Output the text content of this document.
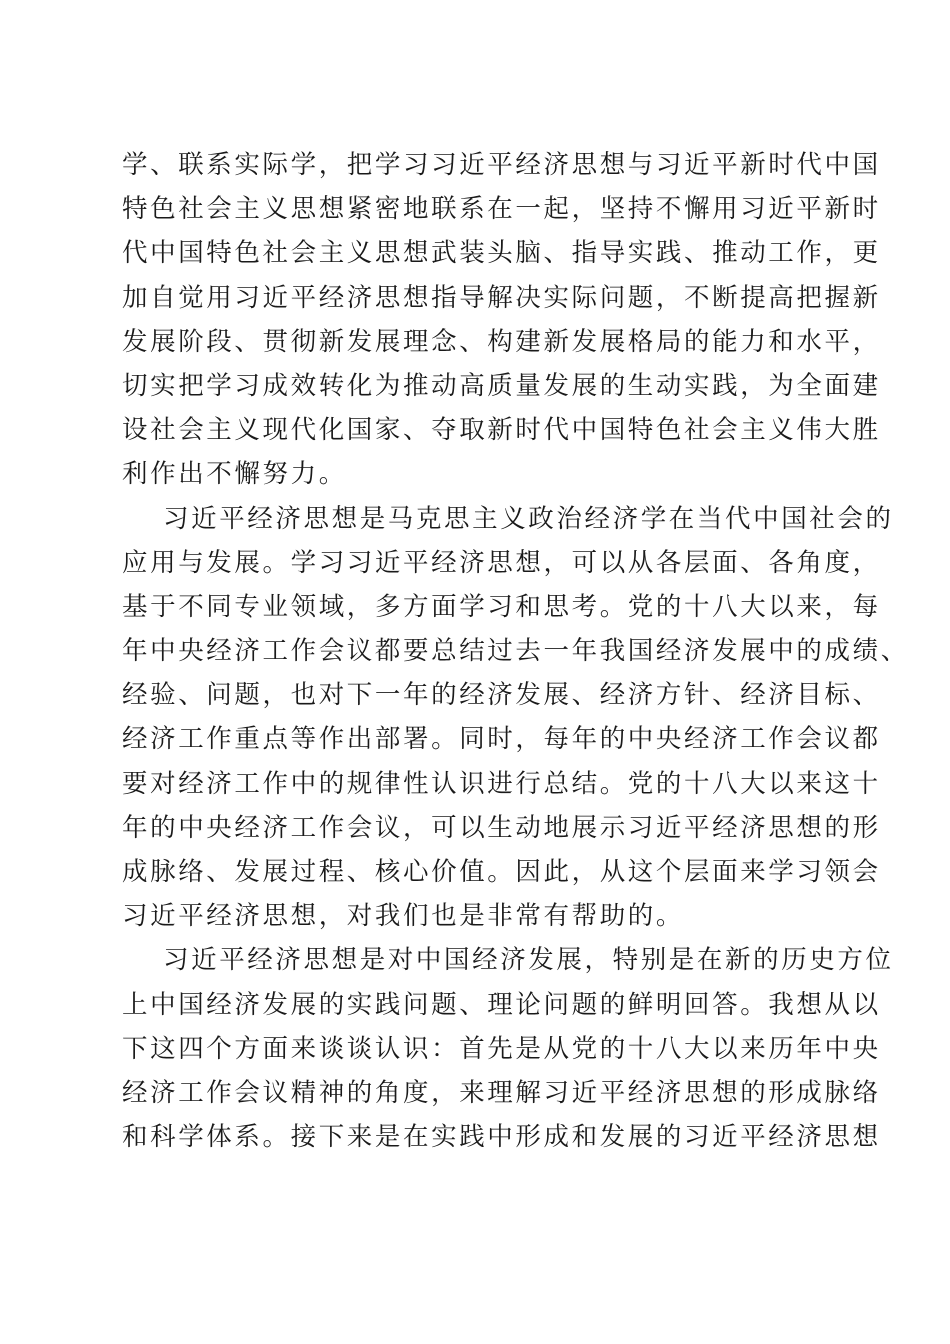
学、联系实际学，把学习习近平经济思想与习近平新时代中国
特色社会主义思想紧密地联系在一起，坚持不懈用习近平新时
代中国特色社会主义思想武装头脑、指导实践、推动工作，更
加自觉用习近平经济思想指导解决实际问题，不断提高把握新
发展阶段、贯彻新发展理念、构建新发展格局的能力和水平，
切实把学习成效转化为推动高质量发展的生动实践，为全面建
设社会主义现代化国家、夺取新时代中国特色社会主义伟大胜
利作出不懈努力。

习近平经济思想是马克思主义政治经济学在当代中国社会的
应用与发展。学习习近平经济思想，可以从各层面、各角度，
基于不同专业领域，多方面学习和思考。党的十八大以来，每
年中央经济工作会议都要总结过去一年我国经济发展中的成绩、
经验、问题，也对下一年的经济发展、经济方针、经济目标、
经济工作重点等作出部署。同时，每年的中央经济工作会议都
要对经济工作中的规律性认识进行总结。党的十八大以来这十
年的中央经济工作会议，可以生动地展示习近平经济思想的形
成脉络、发展过程、核心价值。因此，从这个层面来学习领会
习近平经济思想，对我们也是非常有帮助的。

习近平经济思想是对中国经济发展，特别是在新的历史方位
上中国经济发展的实践问题、理论问题的鲜明回答。我想从以
下这四个方面来谈谈认识：首先是从党的十八大以来历年中央
经济工作会议精神的角度，来理解习近平经济思想的形成脉络
和科学体系。接下来是在实践中形成和发展的习近平经济思想
